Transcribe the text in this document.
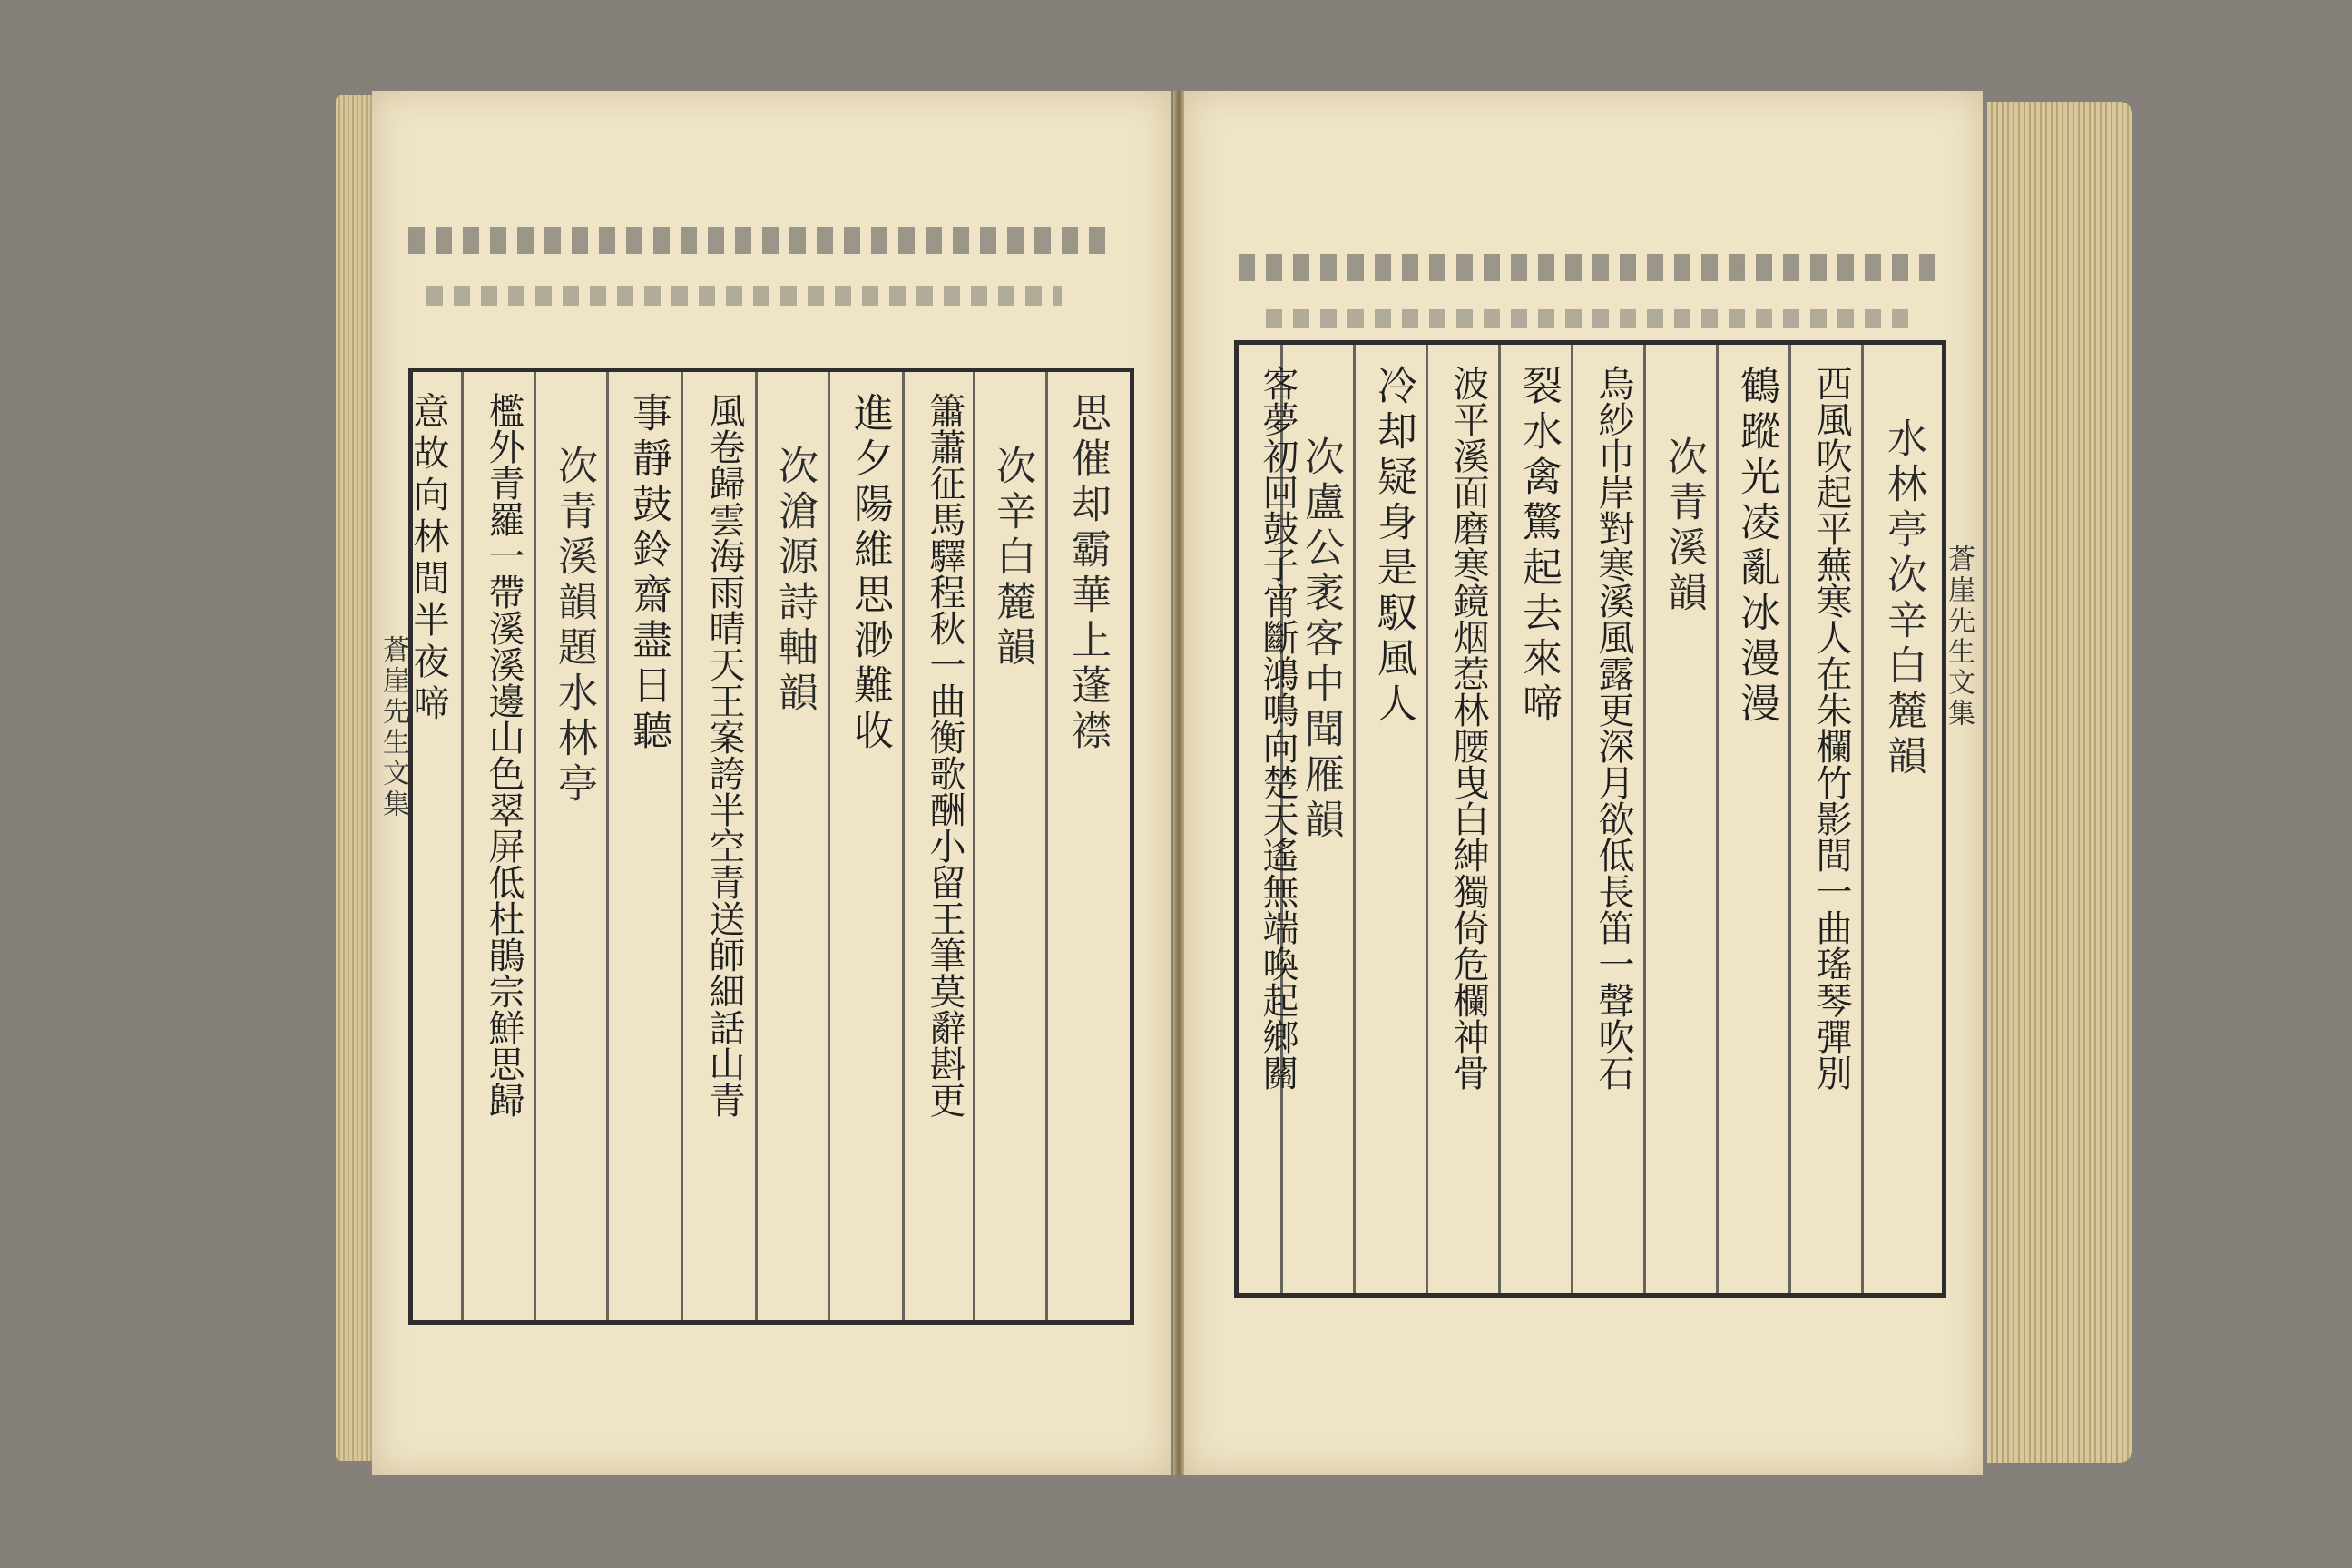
蒼崖先生文集	思催却霸華上蓬襟
次辛白麓韻
簫蕭征馬驛程秋一曲衡歌酬小留王筆莫辭斟更
進夕陽維思渺難收
次滄源詩軸韻
風卷歸雲海雨晴天王案誇半空青送師細話山青
事靜鼓鈴齋盡日聽
次青溪韻題水林亭
檻外青羅一帶溪溪邊山色翠屏低杜鵑宗鮮思歸
意故向林間半夜啼	蒼崖先生文集
水林亭次辛白麓韻
西風吹起平蕪寒人在朱欄竹影間一曲瑤琴彈別
鶴蹤光凌亂冰漫漫
次青溪韻
烏紗巾岸對寒溪風露更深月欲低長笛一聲吹石
裂水禽驚起去來啼
波平溪面磨寒鏡烟惹林腰曳白紳獨倚危欄神骨
冷却疑身是馭風人
次盧公袤客中聞雁韻
客夢初回鼓子宵斷鴻鳴向楚天遙無端喚起鄉關
